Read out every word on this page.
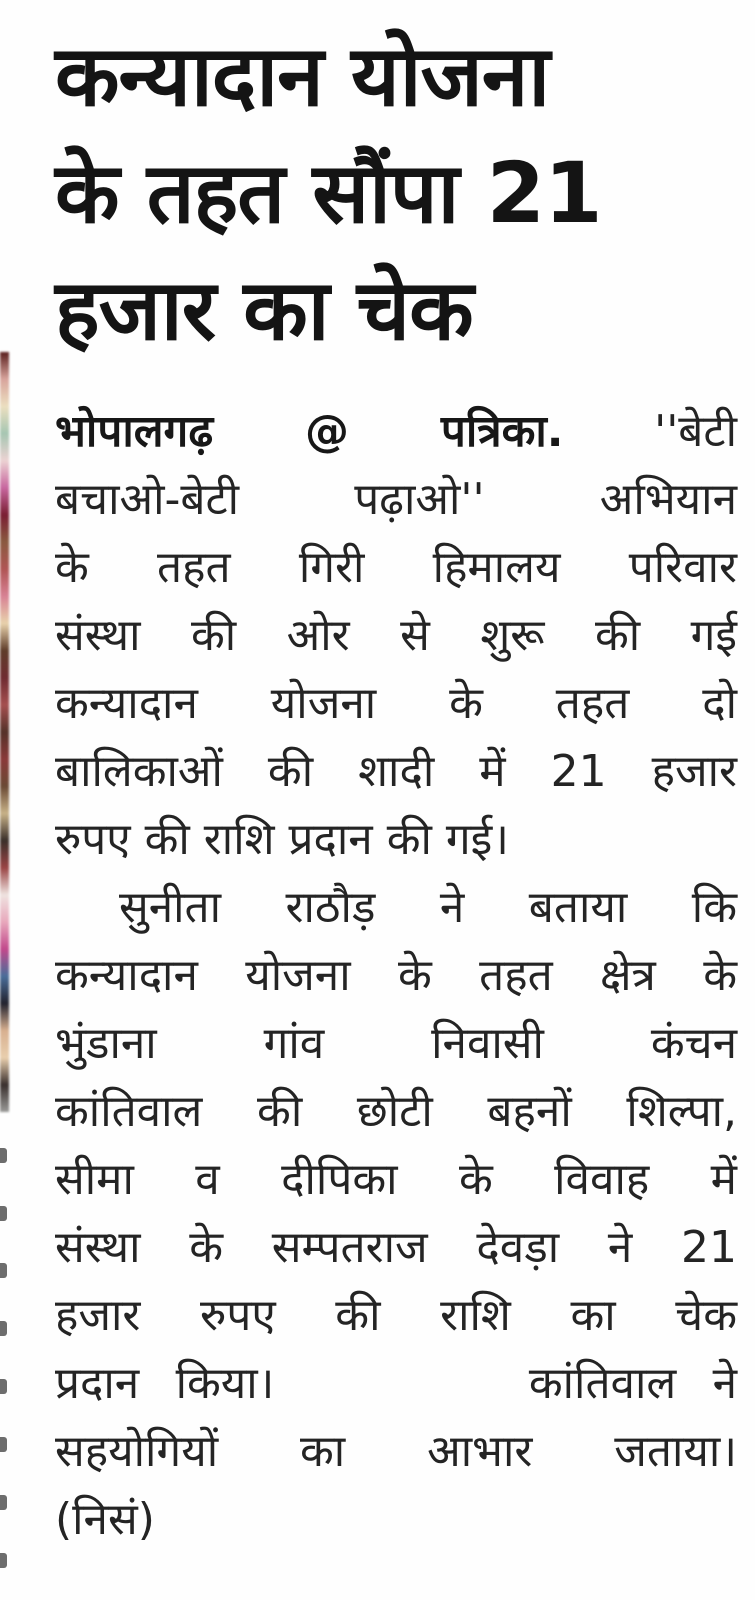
कन्यादान योजना
के तहत सौंपा 21
हजार का चेक
भोपालगढ़ @ पत्रिका. ''बेटी
बचाओ-बेटी पढ़ाओ'' अभियान
के तहत गिरी हिमालय परिवार
संस्था की ओर से शुरू की गई
कन्यादान योजना के तहत दो
बालिकाओं की शादी में 21 हजार
रुपए की राशि प्रदान की गई।
सुनीता राठौड़ ने बताया कि
कन्यादान योजना के तहत क्षेत्र के
भुंडाना गांव निवासी कंचन
कांतिवाल की छोटी बहनों शिल्पा,
सीमा व दीपिका के विवाह में
संस्था के सम्पतराज देवड़ा ने 21
हजार रुपए की राशि का चेक
प्रदान किया।       कांतिवाल ने
सहयोगियों का आभार जताया।
(निसं)
